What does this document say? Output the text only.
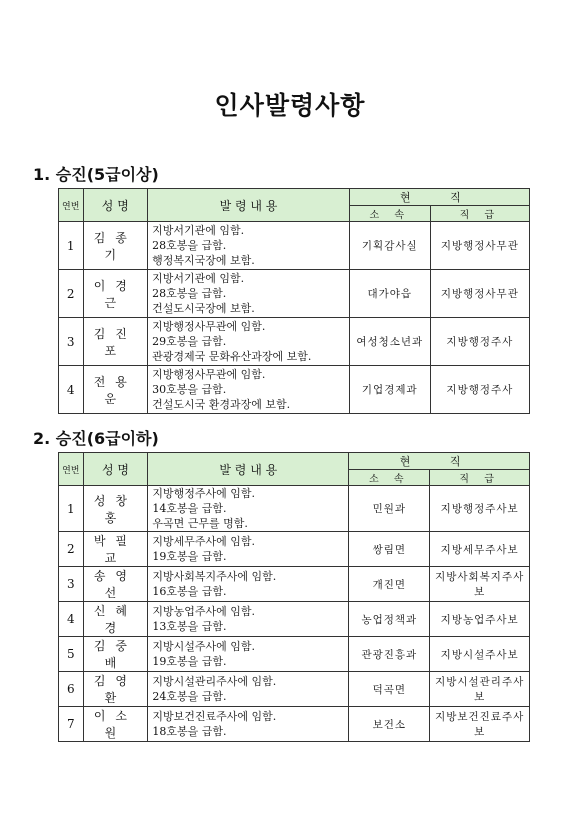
인사발령사항
1. 승진(5급이상)
연번	성 명	발 령 내 용	현 직	
			소 속	직 급
1	김종기	지방서기관에 임함.
28호봉을 급함.
행정복지국장에 보함.	기획감사실	지방행정사무관
2	이경근	지방서기관에 임함.
28호봉을 급함.
건설도시국장에 보함.	대가야읍	지방행정사무관
3	김진포	지방행정사무관에 임함.
29호봉을 급함.
관광경제국 문화유산과장에 보함.	여성청소년과	지방행정주사
4	전용운	지방행정사무관에 임함.
30호봉을 급함.
건설도시국 환경과장에 보함.	기업경제과	지방행정주사
2. 승진(6급이하)
연번	성 명	발 령 내 용	현 직	
			소 속	직 급
1	성창홍	지방행정주사에 임함.
14호봉을 급함.
우곡면 근무를 명함.	민원과	지방행정주사보
2	박필교	지방세무주사에 임함.
19호봉을 급함.	쌍림면	지방세무주사보
3	송영선	지방사회복지주사에 임함.
16호봉을 급함.	개진면	지방사회복지주사보
4	신혜경	지방농업주사에 임함.
13호봉을 급함.	농업정책과	지방농업주사보
5	김중배	지방시설주사에 임함.
19호봉을 급함.	관광진흥과	지방시설주사보
6	김영환	지방시설관리주사에 임함.
24호봉을 급함.	덕곡면	지방시설관리주사보
7	이소원	지방보건진료주사에 임함.
18호봉을 급함.	보건소	지방보건진료주사보
